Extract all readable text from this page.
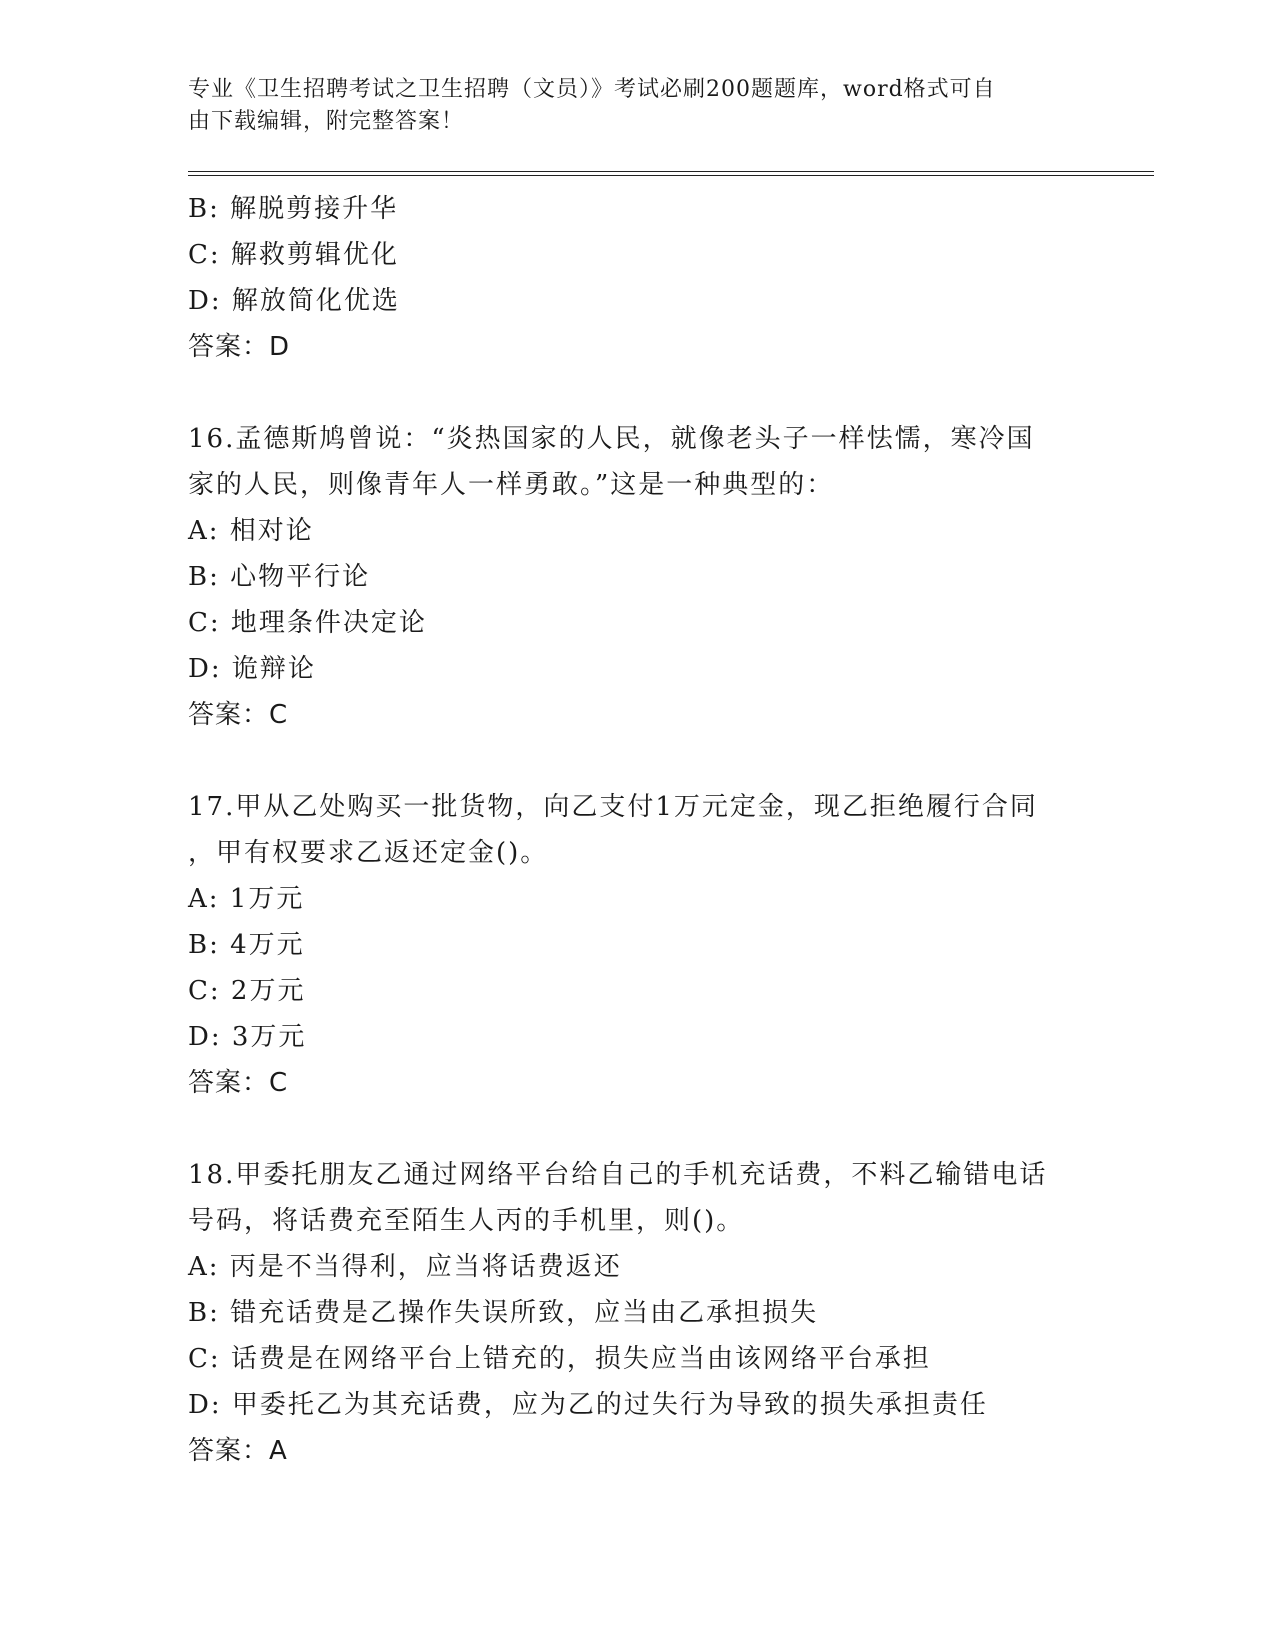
专业《卫生招聘考试之卫生招聘（文员）》考试必刷200题题库，word格式可自
由下载编辑，附完整答案！
B: 解脱剪接升华
C: 解救剪辑优化
D: 解放简化优选
答案：D
16.孟德斯鸠曾说：“炎热国家的人民，就像老头子一样怯懦，寒冷国
家的人民，则像青年人一样勇敢。”这是一种典型的：
A: 相对论
B: 心物平行论
C: 地理条件决定论
D: 诡辩论
答案：C
17.甲从乙处购买一批货物，向乙支付1万元定金，现乙拒绝履行合同
，甲有权要求乙返还定金()。
A: 1万元
B: 4万元
C: 2万元
D: 3万元
答案：C
18.甲委托朋友乙通过网络平台给自己的手机充话费，不料乙输错电话
号码，将话费充至陌生人丙的手机里，则()。
A: 丙是不当得利，应当将话费返还
B: 错充话费是乙操作失误所致，应当由乙承担损失
C: 话费是在网络平台上错充的，损失应当由该网络平台承担
D: 甲委托乙为其充话费，应为乙的过失行为导致的损失承担责任
答案：A
